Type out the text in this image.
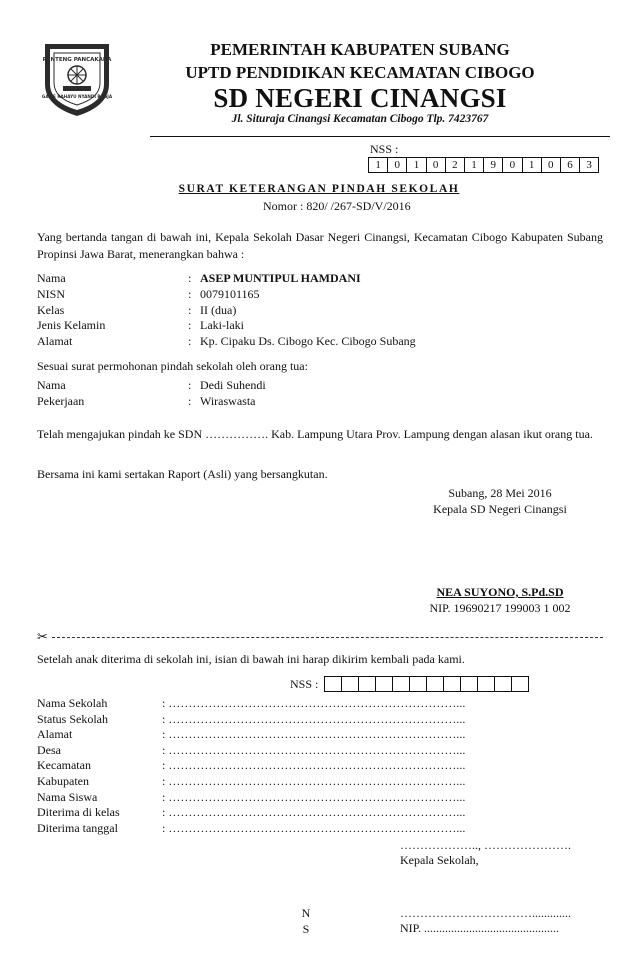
RENTENG PANCAKAKA
GAWE RAHAYU NYANDI BAGJA
PEMERINTAH KABUPATEN SUBANG
UPTD PENDIDIKAN KECAMATAN CIBOGO
SD NEGERI CINANGSI
Jl. Situraja Cinangsi Kecamatan Cibogo Tlp. 7423767
NSS :
1	0	1	0	2	1	9	0	1	0	6	3
SURAT KETERANGAN PINDAH SEKOLAH
Nomor : 820/ /267-SD/V/2016
Yang bertanda tangan di bawah ini, Kepala Sekolah Dasar Negeri Cinangsi, Kecamatan Cibogo Kabupaten Subang Propinsi Jawa Barat, menerangkan bahwa :
Nama	: ASEP MUNTIPUL HAMDANI
NISN	: 0079101165
Kelas	: II (dua)
Jenis Kelamin	: Laki-laki
Alamat	: Kp. Cipaku Ds. Cibogo Kec. Cibogo Subang
Sesuai surat permohonan pindah sekolah oleh orang tua:
Nama	: Dedi Suhendi
Pekerjaan	: Wiraswasta
Telah mengajukan pindah ke SDN ……………. Kab. Lampung Utara Prov. Lampung dengan alasan ikut orang tua.
Bersama ini kami sertakan Raport (Asli) yang bersangkutan.
Subang, 28 Mei 2016
Kepala SD Negeri Cinangsi
NEA SUYONO, S.Pd.SD
NIP. 19690217 199003 1 002
✂
Setelah anak diterima di sekolah ini, isian di bawah ini harap dikirim kembali pada kami.
NSS :
Nama Sekolah	: ………………………………………………………………...
Status Sekolah	: ………………………………………………………………...
Alamat	: ………………………………………………………………...
Desa	: ………………………………………………………………...
Kecamatan	: ………………………………………………………………...
Kabupaten	: ………………………………………………………………...
Nama Siswa	: ………………………………………………………………...
Diterima di kelas	: ………………………………………………………………...
Diterima tanggal	: ………………………………………………………………...
……………….., ………………….
Kepala Sekolah,
N
S
…………………………….............
NIP. .............................................
